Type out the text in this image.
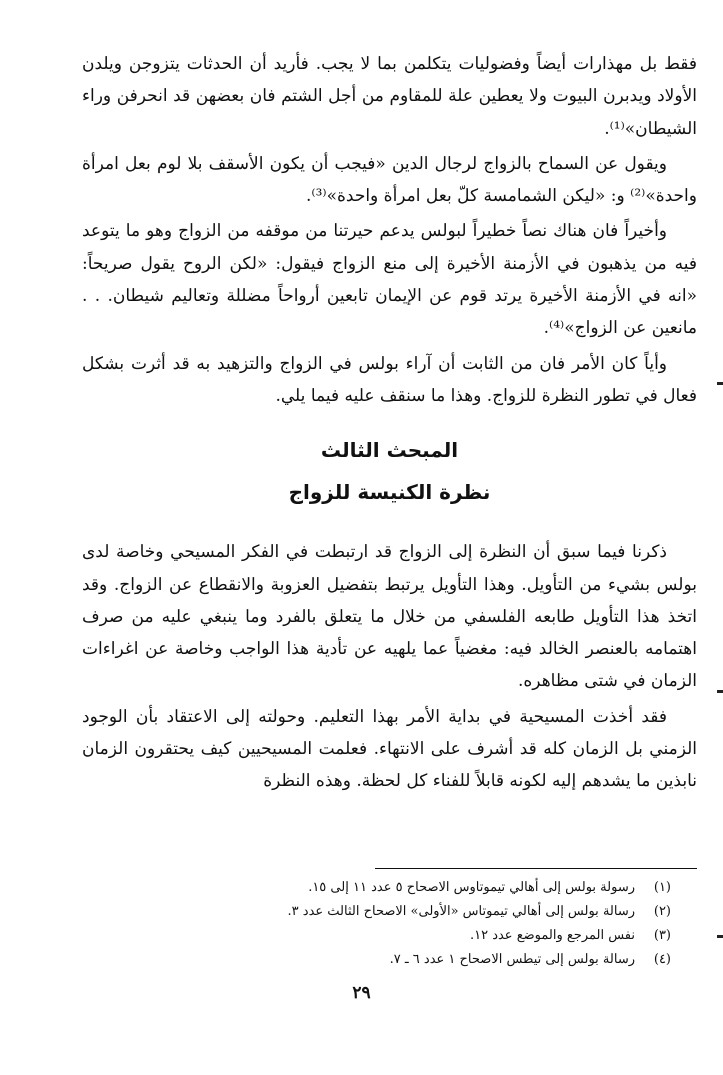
فقط بل مهذارات أيضاً وفضوليات يتكلمن بما لا يجب. فأريد أن الحدثات يتزوجن ويلدن الأولاد ويدبرن البيوت ولا يعطين علة للمقاوم من أجل الشتم فان بعضهن قد انحرفن وراء الشيطان»⁽¹⁾.

ويقول عن السماح بالزواج لرجال الدين «فيجب أن يكون الأسقف بلا لوم بعل امرأة واحدة»⁽²⁾ و: «ليكن الشمامسة كلّ بعل امرأة واحدة»⁽³⁾.

وأخيراً فان هناك نصاً خطيراً لبولس يدعم حيرتنا من موقفه من الزواج وهو ما يتوعد فيه من يذهبون في الأزمنة الأخيرة إلى منع الزواج فيقول: «لكن الروح يقول صريحاً: «انه في الأزمنة الأخيرة يرتد قوم عن الإيمان تابعين أرواحاً مضللة وتعاليم شيطان. . . مانعين عن الزواج»⁽⁴⁾.

وأياً كان الأمر فان من الثابت أن آراء بولس في الزواج والتزهيد به قد أثرت بشكل فعال في تطور النظرة للزواج. وهذا ما سنقف عليه فيما يلي.

المبحث الثالث
نظرة الكنيسة للزواج

ذكرنا فيما سبق أن النظرة إلى الزواج قد ارتبطت في الفكر المسيحي وخاصة لدى بولس بشيء من التأويل. وهذا التأويل يرتبط بتفضيل العزوبة والانقطاع عن الزواج. وقد اتخذ هذا التأويل طابعه الفلسفي من خلال ما يتعلق بالفرد وما ينبغي عليه من صرف اهتمامه بالعنصر الخالد فيه: مغضياً عما يلهيه عن تأدية هذا الواجب وخاصة عن اغراءات الزمان في شتى مظاهره.

فقد أخذت المسيحية في بداية الأمر بهذا التعليم. وحولته إلى الاعتقاد بأن الوجود الزمني بل الزمان كله قد أشرف على الانتهاء. فعلمت المسيحيين كيف يحتقرون الزمان نابذين ما يشدهم إليه لكونه قابلاً للفناء كل لحظة. وهذه النظرة

(١)
رسولة بولس إلى أهالي تيموتاوس الاصحاح ٥ عدد ١١ إلى ١٥.
(٢)
رسالة بولس إلى أهالي تيموتاس «الأولى» الاصحاح الثالث عدد ٣.
(٣)
نفس المرجع والموضع عدد ١٢.
(٤)
رسالة بولس إلى تيطس الاصحاح ١ عدد ٦ ـ ٧.
٢٩
